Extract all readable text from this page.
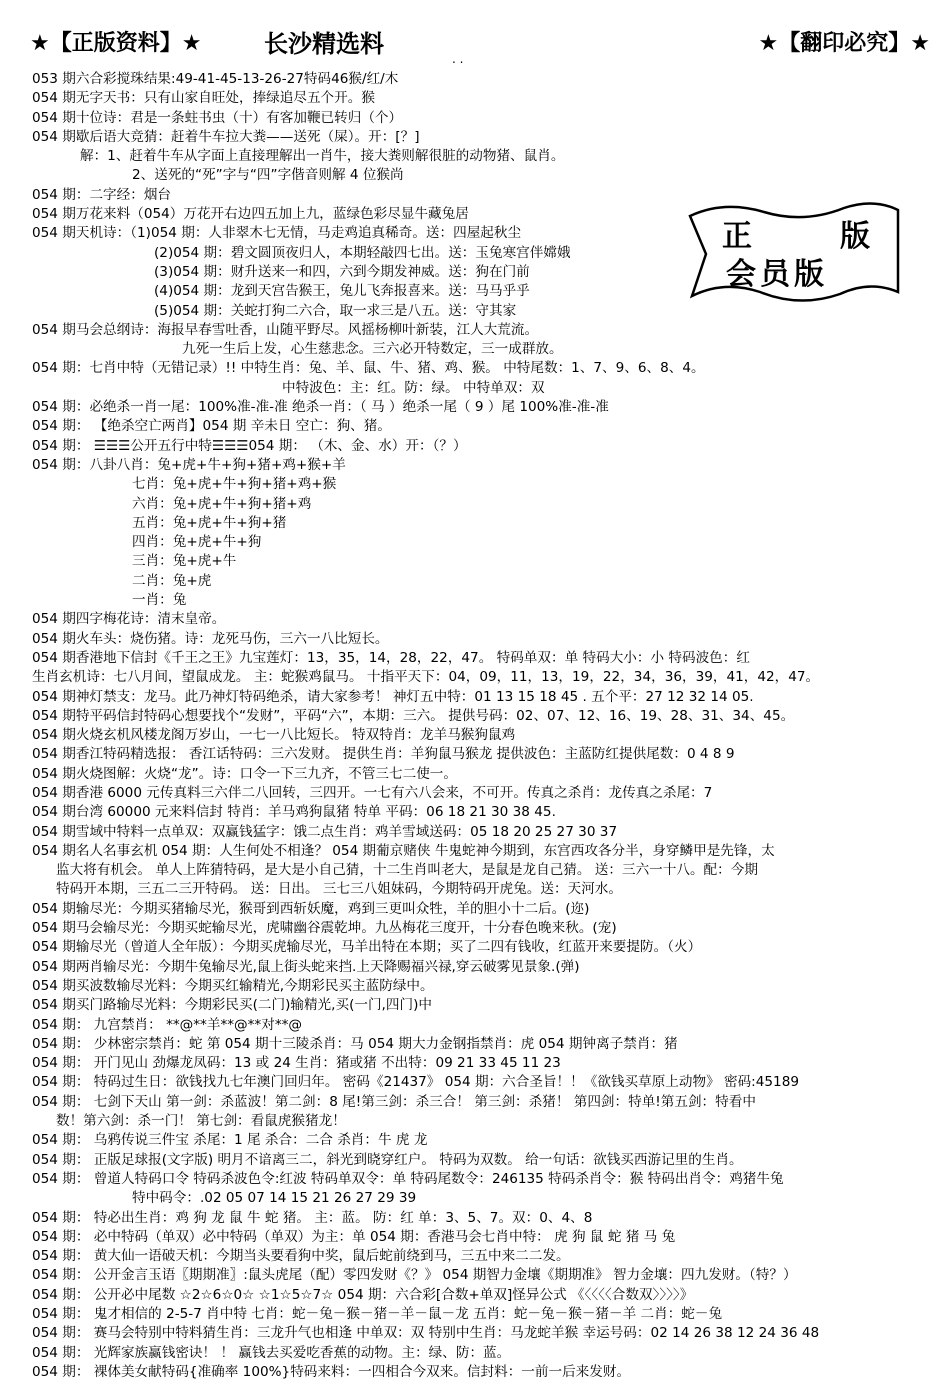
★【正版资料】★	长沙精选料	★【翻印必究】★
. .
053 期六合彩搅珠结果:49-41-45-13-26-27特码46猴/红/木
054 期无字天书：只有山家自旺处，捧绿追尽五个开。猴
054 期十位诗：君是一条蛀书虫（十）有客加鞭已转归（个）
054 期歇后语大竞猜：赶着牛车拉大粪——送死（屎）。开：[？]
解：1、赶着牛车从字面上直接理解出一肖牛，接大粪则解很脏的动物猪、鼠肖。
2、送死的“死”字与“四”字偕音则解 4 位猴尚
054 期：二字经：烟台
054 期万花来料（054）万花开右边四五加上九，蓝绿色彩尽显牛藏兔居
054 期天机诗：（1)054 期：人非翠木七无情，马走鸡追真稀奇。送：四屋起秋尘
(2)054 期：碧文圆顶夜归人，本期轻敲四七出。送：玉兔寒宫伴嫦娥
(3)054 期：财升送来一和四，六到今期发神威。送：狗在门前
(4)054 期：龙到天宫告猴王，兔儿飞奔报喜来。送：马马乎乎
(5)054 期：关蛇打狗二六合，取一求三是八五。送：守其家
054 期马会总纲诗：海报早春雪吐香，山随平野尽。风摇杨柳叶新装，江人大荒流。
九死一生后上发，心生慈悲念。三六必开特数定，三一成群放。
054 期：七肖中特（无错记录）!! 中特生肖：兔、羊、鼠、牛、猪、鸡、猴。 中特尾数：1、7、9、6、8、4。
中特波色：主：红。防：绿。 中特单双：双
054 期：必绝杀一肖一尾：100%准-准-准 绝杀一肖：（ 马 ）绝杀一尾（ 9 ）尾 100%准-准-准
054 期： 【绝杀空亡两肖】054 期 辛未日 空亡：狗、猪。
054 期： ☰☰☰公开五行中特☰☰☰054 期： （木、金、水）开：（？）
054 期：八卦八肖：兔+虎+牛+狗+猪+鸡+猴+羊
七肖：兔+虎+牛+狗+猪+鸡+猴
六肖：兔+虎+牛+狗+猪+鸡
五肖：兔+虎+牛+狗+猪
四肖：兔+虎+牛+狗
三肖：兔+虎+牛
二肖：兔+虎
一肖：兔
054 期四字梅花诗：清末皇帝。
054 期火车头：烧伤猪。诗：龙死马伤，三六一八比短长。
054 期香港地下信封《千王之王》九宝莲灯：13，35，14，28，22，47。 特码单双：单 特码大小：小 特码波色：红
生肖玄机诗：七八月间，望鼠成龙。 主：蛇猴鸡鼠马。 十指平天下：04，09，11，13，19，22，34，36，39，41，42，47。
054 期神灯禁支：龙马。此乃神灯特码绝杀，请大家参考！ 神灯五中特：01 13 15 18 45 . 五个平：27 12 32 14 05.
054 期特平码信封特码心想要找个“发财”，平码“六”，本期：三六。 提供号码：02、07、12、16、19、28、31、34、45。
054 期火烧玄机风楼龙阁万岁山，一七一八比短长。 特双特肖：龙羊马猴狗鼠鸡
054 期香江特码精选报： 香江话特码：三六发财。 提供生肖：羊狗鼠马猴龙 提供波色：主蓝防红提供尾数：0 4 8 9
054 期火烧图解：火烧“龙”。诗：口令一下三九齐，不管三七二使一。
054 期香港 6000 元传真料三六伴二八回转，三四开。一七有六八会来，不可开。传真之杀肖：龙传真之杀尾：7
054 期台湾 60000 元来料信封 特肖：羊马鸡狗鼠猪 特单 平码：06 18 21 30 38 45.
054 期雪域中特料一点单双：双赢钱猛字：饿二点生肖：鸡羊雪域送码：05 18 20 25 27 30 37
054 期名人名事玄机 054 期：人生何处不相逢？ 054 期葡京赌侠 牛鬼蛇神今期到，东宫西攻各分半，身穿鳞甲是先锋，太
监大将有机会。 单人上阵猜特码，是大是小自己猜，十二生肖叫老大，是鼠是龙自己猜。 送：三六一十八。配：今期
特码开本期，三五二三开特码。 送：日出。 三七三八姐妹码，今期特码开虎兔。送：天河水。
054 期输尽光：今期买猪输尽光，猴哥到西斩妖魔，鸡到三更叫众牲，羊的胆小十二后。(迩)
054 期马会输尽光：今期买蛇输尽光，虎啸幽谷震乾坤。九丛梅花三度开，十分春色晚来秋。(宠)
054 期输尽光（曾道人全年版）：今期买虎输尽光，马羊出特在本期；买了二四有钱收，红蓝开来要提防。（火）
054 期两肖输尽光：今期牛兔输尽光,鼠上街头蛇来挡.上天降赐福兴禄,穿云破雾见景象.(弹)
054 期买波数输尽光料：今期买红输精光,今期彩民买主蓝防绿中。
054 期买门路输尽光料：今期彩民买(二门)输精光,买(一门,四门)中
054 期： 九宫禁肖： **@**羊**@**对**@
054 期： 少林密宗禁肖：蛇 第 054 期十三陵杀肖：马 054 期大力金钢指禁肖：虎 054 期钟离子禁肖：猪
054 期： 开门见山 劲爆龙凤码：13 或 24 生肖：猪或猪 不出特：09 21 33 45 11 23
054 期： 特码过生日：欲钱找九七年澳门回归年。 密码《21437》 054 期：六合圣旨！！《欲钱买草原上动物》 密码:45189
054 期： 七剑下天山 第一剑：杀蓝波！第二剑：8 尾!第三剑：杀三合！ 第三剑：杀猪！ 第四剑：特单!第五剑：特看中
数！第六剑：杀一门！ 第七剑：看鼠虎猴猪龙！
054 期： 乌鸦传说三件宝 杀尾：1 尾 杀合：二合 杀肖：牛 虎 龙
054 期： 正版足球报(文字版) 明月不谙离三二，斜光到晓穿红户。 特码为双数。 给一句话：欲钱买西游记里的生肖。
054 期： 曾道人特码口令 特码杀波色令:红波 特码单双令：单 特码尾数令：246135 特码杀肖令：猴 特码出肖令：鸡猪牛兔
特中码令：.02 05 07 14 15 21 26 27 29 39
054 期： 特必出生肖：鸡 狗 龙 鼠 牛 蛇 猪。 主：蓝。 防：红 单：3、5、7。双：0、4、8
054 期： 必中特码（单双）必中特码（单双）为主：单 054 期：香港马会七肖中特： 虎 狗 鼠 蛇 猪 马 兔
054 期： 黄大仙一语破天机：今期当头要看狗中奖，鼠后蛇前绕到马，三五中来二二发。
054 期： 公开金言玉语〖期期准〗:鼠头虎尾（配）零四发财《？》 054 期智力金壤《期期准》 智力金壤：四九发财。（特？）
054 期： 公开必中尾数 ☆2☆6☆0☆ ☆1☆5☆7☆ 054 期：六合彩[合数+单双]怪异公式 《〈〈〈〈合数双〉〉〉〉》
054 期： 鬼才相信的 2-5-7 肖中特 七肖：蛇－兔－猴－猪－羊－鼠－龙 五肖：蛇－兔－猴－猪－羊 二肖：蛇－兔
054 期： 赛马会特别中特料猜生肖：三龙升气也相逢 中单双：双 特别中生肖：马龙蛇羊猴 幸运号码：02 14 26 38 12 24 36 48
054 期： 光辉家族赢钱密诀！ ！ 赢钱去买爱吃香蕉的动物。主：绿、防：蓝。
054 期： 裸体美女献特码{准确率 100%}特码来料：一四相合今双来。信封料：一前一后来发财。
正	版
会员版
